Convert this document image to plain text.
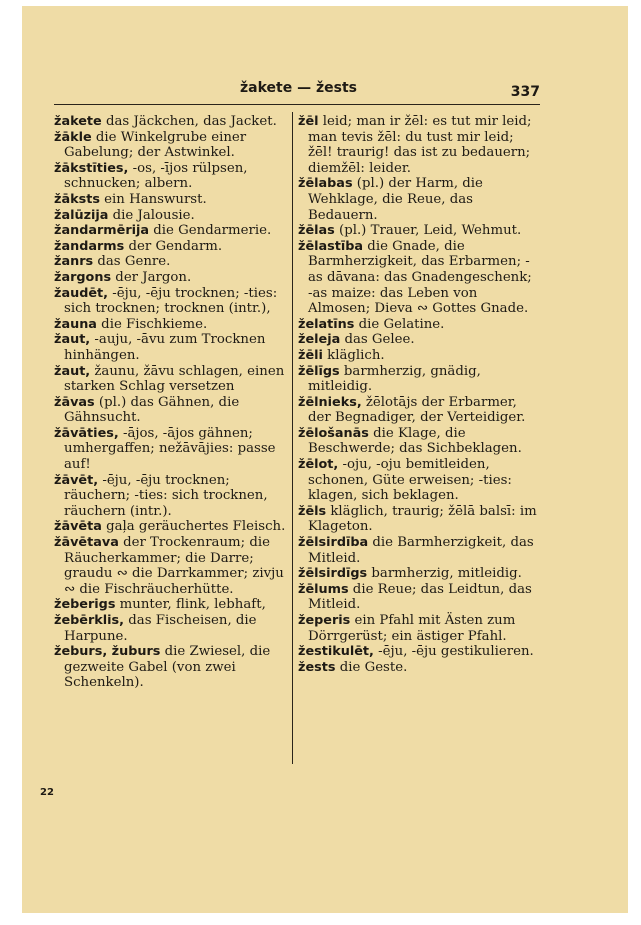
žakete — žests	337

žakete das Jäckchen, das Jacket.

žākle die Winkelgrube einer Gabelung; der Astwinkel.

žākstīties, -os, -ījos rülpsen, schnucken; albern.

žāksts ein Hanswurst.

žalūzija die Jalousie.

žandarmērija die Gendarmerie.

žandarms der Gendarm.

žanrs das Genre.

žargons der Jargon.

žaudēt, -ēju, -ēju trocknen; -ties: sich trocknen; trocknen (intr.),

žauna die Fischkieme.

žaut, -auju, -āvu zum Trocknen hinhängen.

žaut, žaunu, žāvu schlagen, einen starken Schlag versetzen

žāvas (pl.) das Gähnen, die Gähnsucht.

žāvāties, -ājos, -ājos gähnen; umhergaffen; nežāvājies: passe auf!

žāvēt, -ēju, -ēju trocknen; räuchern; -ties: sich trocknen, räuchern (intr.).

žāvēta gaļa geräuchertes Fleisch.

žāvētava der Trockenraum; die Räucherkammer; die Darre; graudu ∾ die Darrkammer; zivju ∾ die Fischräucherhütte.

žeberigs munter, flink, lebhaft,

žebērklis, das Fischeisen, die Harpune.

žeburs, žuburs die Zwiesel, die gezweite Gabel (von zwei Schenkeln).

žēl leid; man ir žēl: es tut mir leid; man tevis žēl: du tust mir leid; žēl! traurig! das ist zu bedauern; diemžēl: leider.

žēlabas (pl.) der Harm, die Wehklage, die Reue, das Bedauern.

žēlas (pl.) Trauer, Leid, Wehmut.

žēlastība die Gnade, die Barmherzigkeit, das Erbarmen; -as dāvana: das Gnadengeschenk; -as maize: das Leben von Almosen; Dieva ∾ Gottes Gnade.

želatīns die Gelatine.

želeja das Gelee.

žēli kläglich.

žēlīgs barmherzig, gnädig, mitleidig.

žēlnieks, žēlotājs der Erbarmer, der Begnadiger, der Verteidiger.

žēlošanās die Klage, die Beschwerde; das Sichbeklagen.

žēlot, -oju, -oju bemitleiden, schonen, Güte erweisen; -ties: klagen, sich beklagen.

žēls kläglich, traurig; žēlā balsī: im Klageton.

žēlsirdība die Barmherzigkeit, das Mitleid.

žēlsirdīgs barmherzig, mitleidig.

žēlums die Reue; das Leidtun, das Mitleid.

žeperis ein Pfahl mit Ästen zum Dörrgerüst; ein ästiger Pfahl.

žestikulēt, -ēju, -ēju gestikulieren.

žests die Geste.

22
